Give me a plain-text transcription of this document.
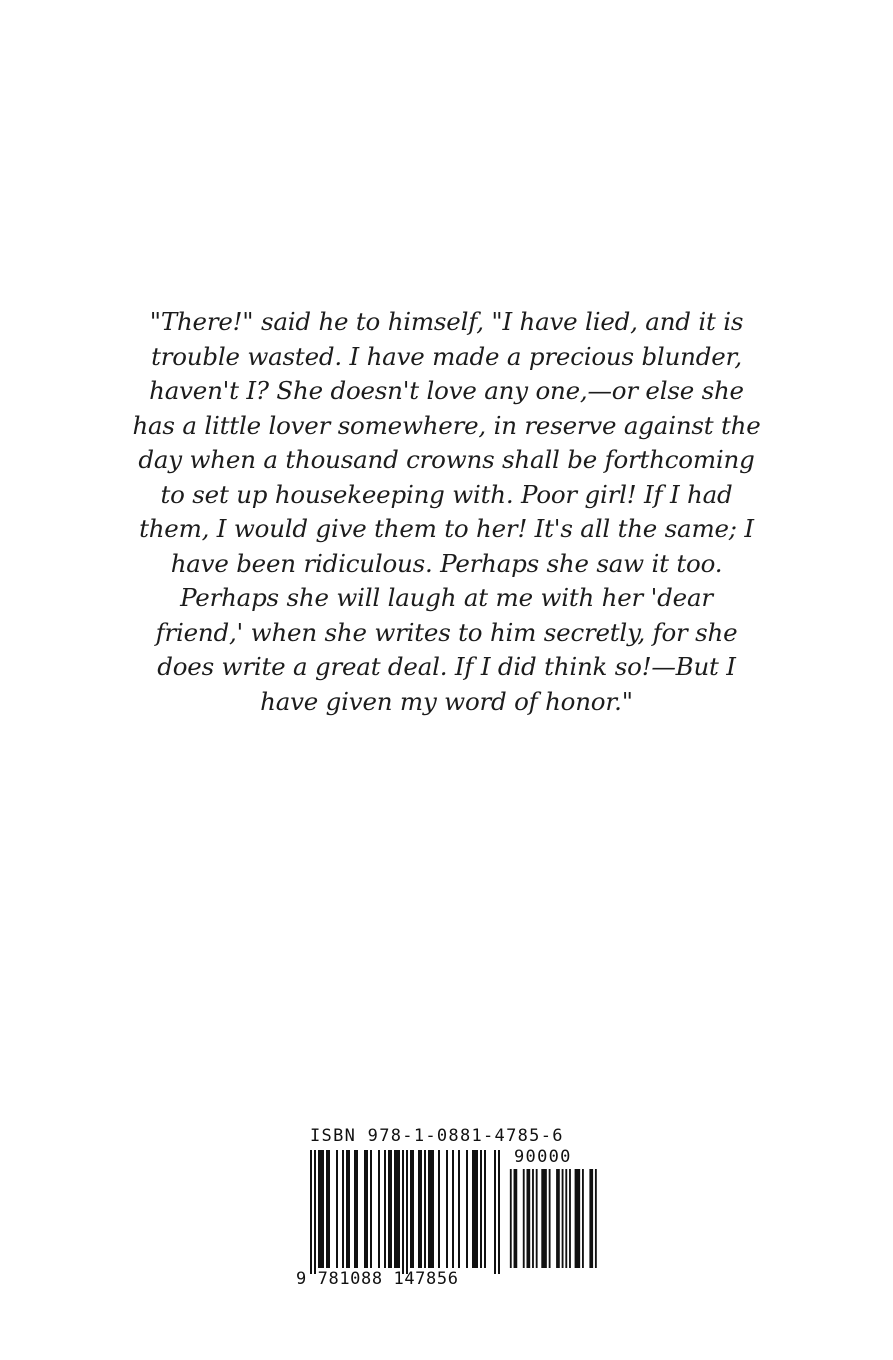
"There!" said he to himself, "I have lied, and it is
trouble wasted. I have made a precious blunder,
haven't I? She doesn't love any one,—or else she
has a little lover somewhere, in reserve against the
day when a thousand crowns shall be forthcoming
to set up housekeeping with. Poor girl! If I had
them, I would give them to her! It's all the same; I
have been ridiculous. Perhaps she saw it too.
Perhaps she will laugh at me with her 'dear
friend,' when she writes to him secretly, for she
does write a great deal. If I did think so!—But I
have given my word of honor."
ISBN 978-1-0881-4785-6
90000
9 781088 147856
